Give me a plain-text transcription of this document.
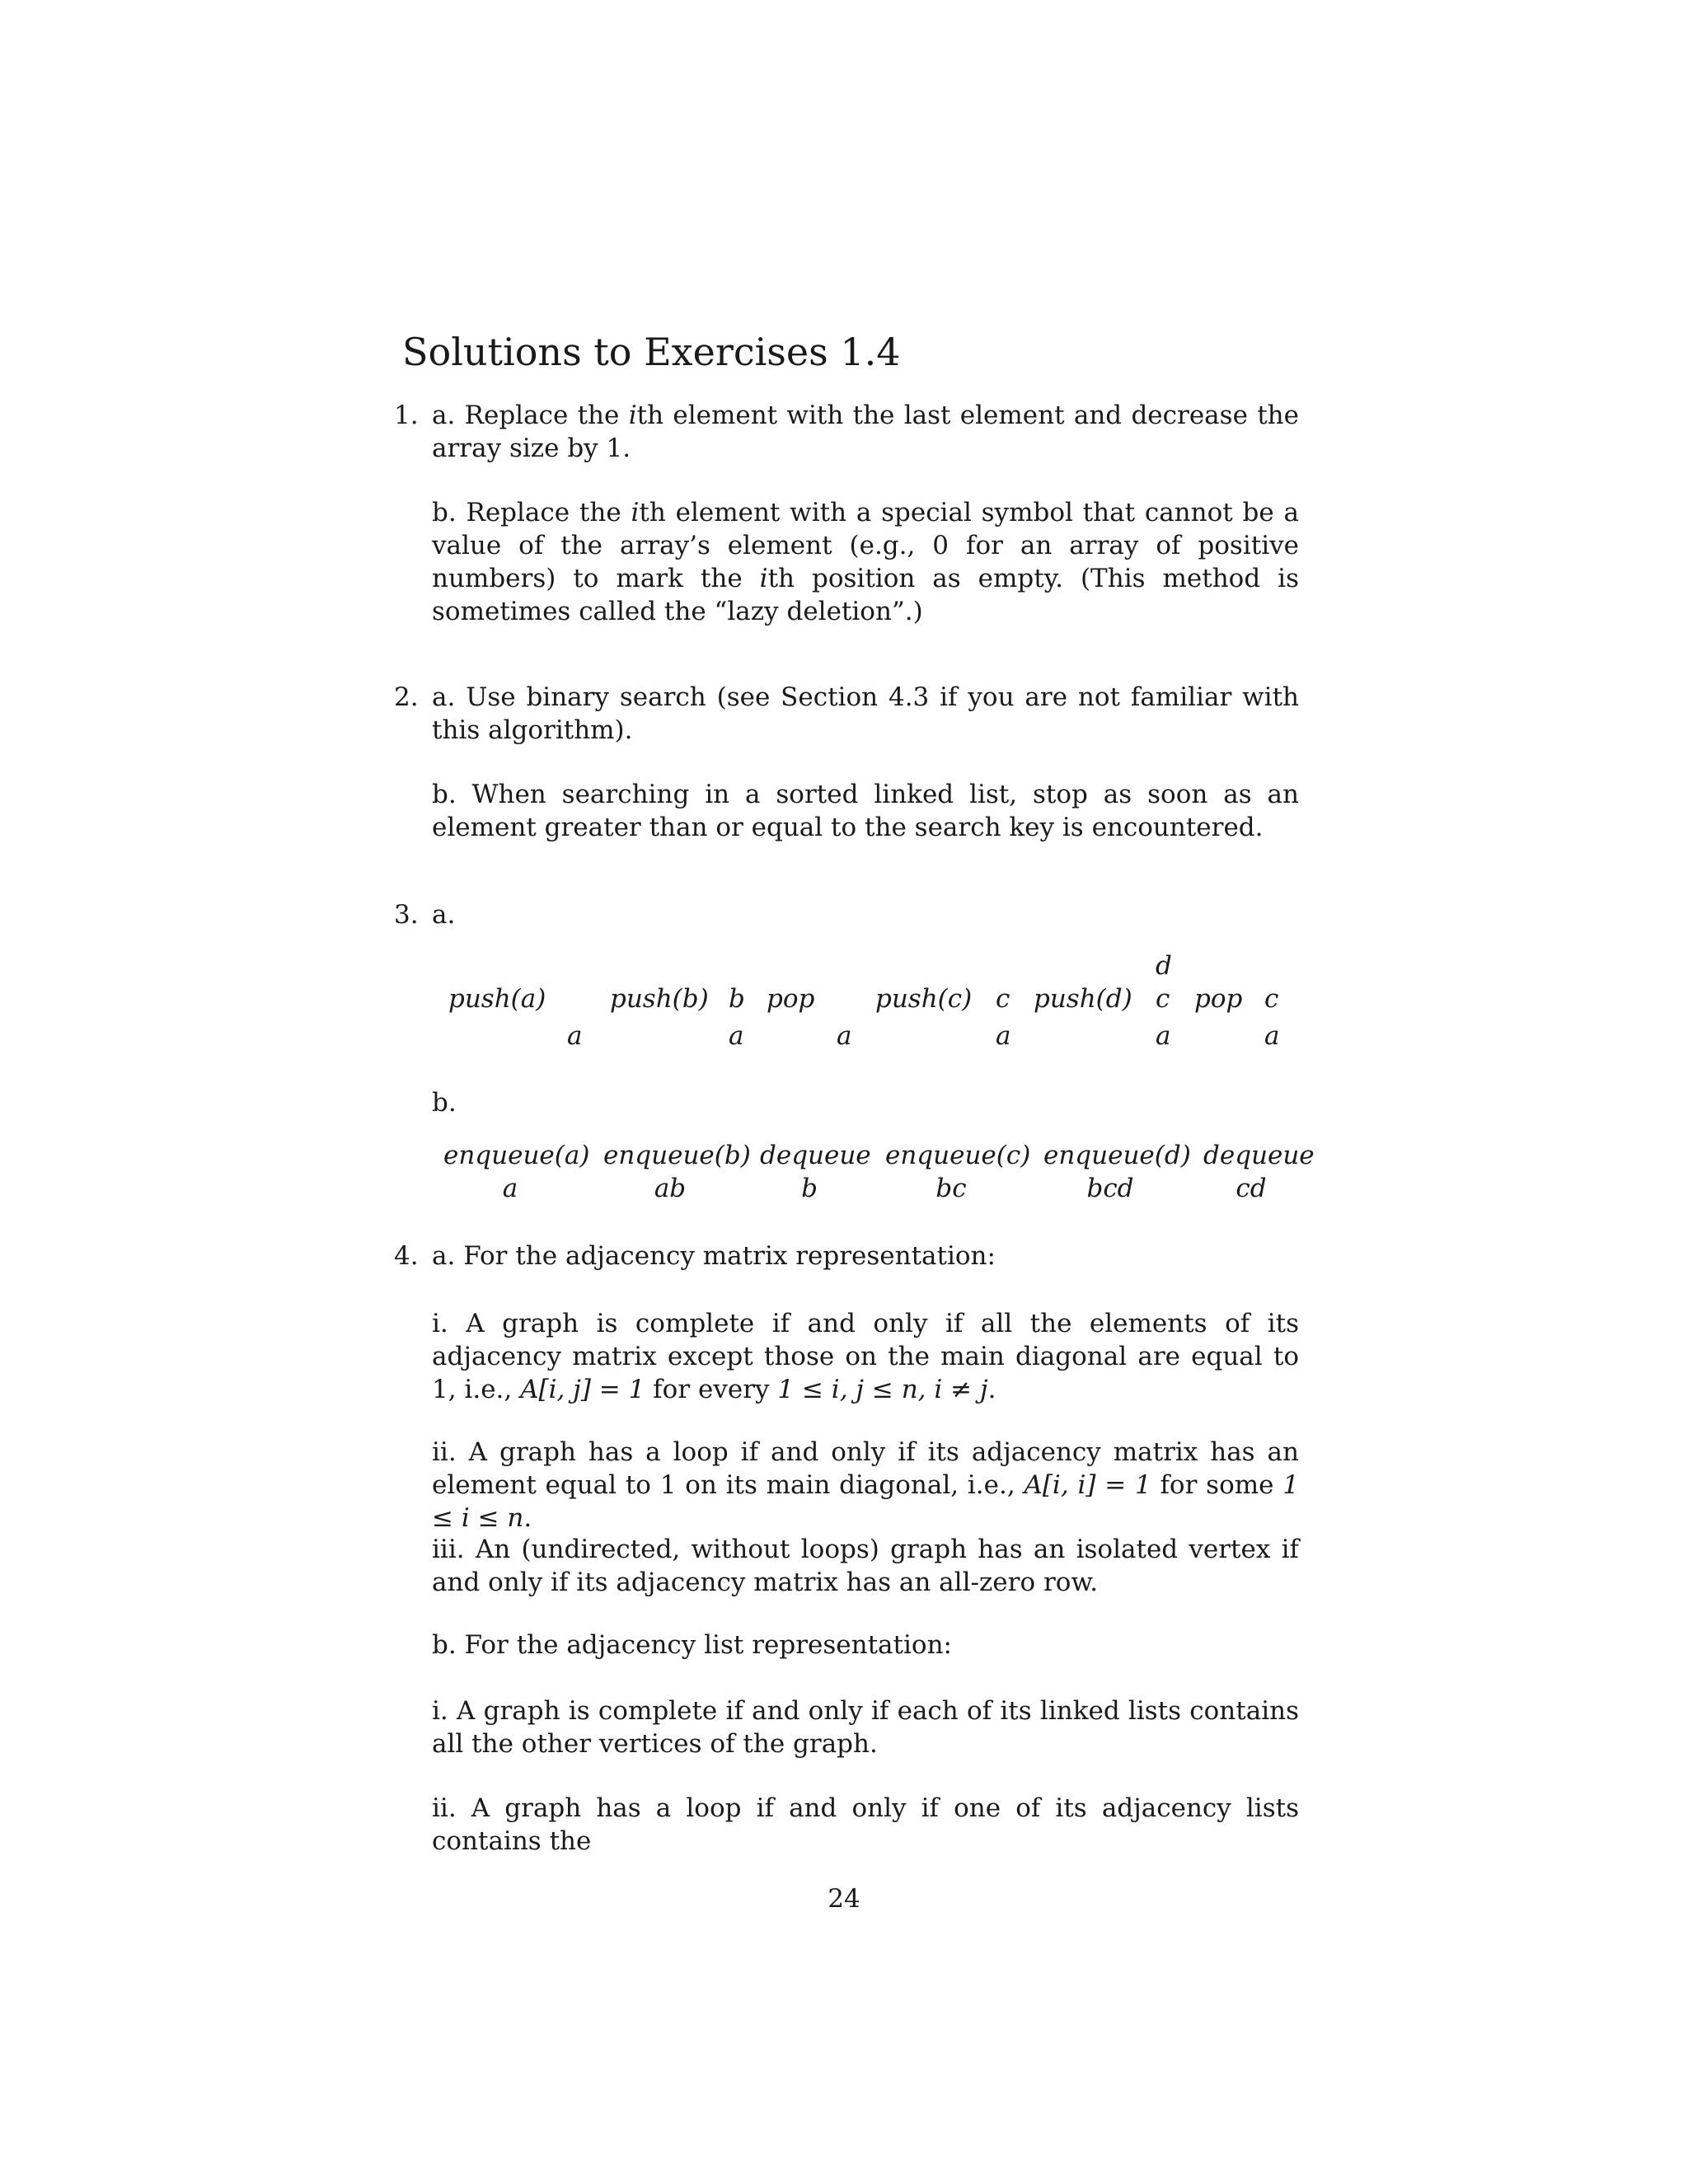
Solutions to Exercises 1.4
1. a. Replace the ith element with the last element and decrease the array size by 1.
b. Replace the ith element with a special symbol that cannot be a value of the array’s element (e.g., 0 for an array of positive numbers) to mark the ith position as empty. (This method is sometimes called the “lazy deletion”.)
2. a. Use binary search (see Section 4.3 if you are not familiar with this algorithm).
b. When searching in a sorted linked list, stop as soon as an element greater than or equal to the search key is encountered.
3. a.
push(a)
a
push(b) b
a
pop
a
push(c) c
a
push(d)
d
c
a
pop c
a
b.
enqueue(a)
a
enqueue(b)
ab
dequeue
b
enqueue(c)
bc
enqueue(d)
bcd
dequeue
cd
4. a. For the adjacency matrix representation:
i. A graph is complete if and only if all the elements of its adjacency matrix except those on the main diagonal are equal to 1, i.e., A[i, j] = 1 for every 1 ≤ i, j ≤ n, i ≠ j.
ii. A graph has a loop if and only if its adjacency matrix has an element equal to 1 on its main diagonal, i.e., A[i, i] = 1 for some 1 ≤ i ≤ n.
iii. An (undirected, without loops) graph has an isolated vertex if and only if its adjacency matrix has an all-zero row.
b. For the adjacency list representation:
i. A graph is complete if and only if each of its linked lists contains all the other vertices of the graph.
ii. A graph has a loop if and only if one of its adjacency lists contains the
24
